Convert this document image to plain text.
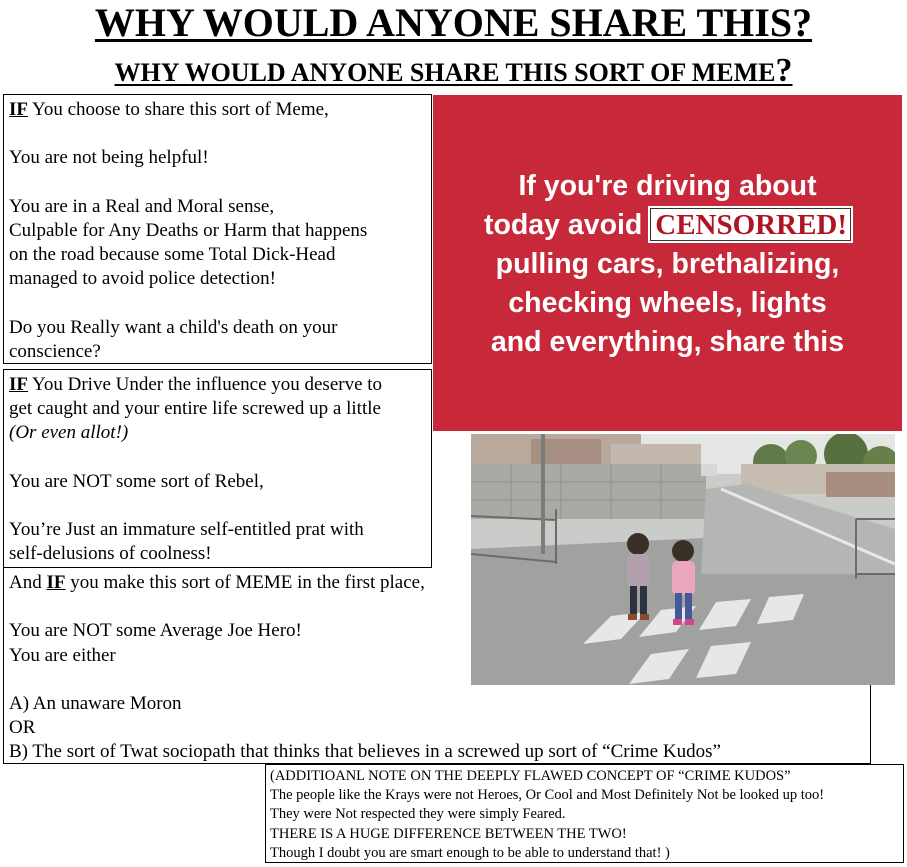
WHY WOULD ANYONE SHARE THIS?
WHY WOULD ANYONE SHARE THIS SORT OF MEME?

IF You choose to share this sort of Meme,

You are not being helpful!

You are in a Real and Moral sense,

Culpable for Any Deaths or Harm that happens

on the road because some Total Dick-Head

managed to avoid police detection!

Do you Really want a child's death on your

conscience?

IF You Drive Under the influence you deserve to

get caught and your entire life screwed up a little

(Or even allot!)

You are NOT some sort of Rebel,

You’re Just an immature self-entitled prat with

self-delusions of coolness!

And IF you make this sort of MEME in the first place,

You are NOT some Average Joe Hero!

You are either

A) An unaware Moron

OR

B) The sort of Twat sociopath that thinks that believes in a screwed up sort of “Crime Kudos”

(ADDITIOANL NOTE ON THE DEEPLY FLAWED CONCEPT OF “CRIME KUDOS”

The people like the Krays were not Heroes, Or Cool and Most Definitely Not be looked up too!

They were Not respected they were simply Feared.

THERE IS A HUGE DIFFERENCE BETWEEN THE TWO!

Though I doubt you are smart enough to be able to understand that! )

If you're driving about
today avoid CENSORRED!
pulling cars, brethalizing,
checking wheels, lights
and everything, share this
